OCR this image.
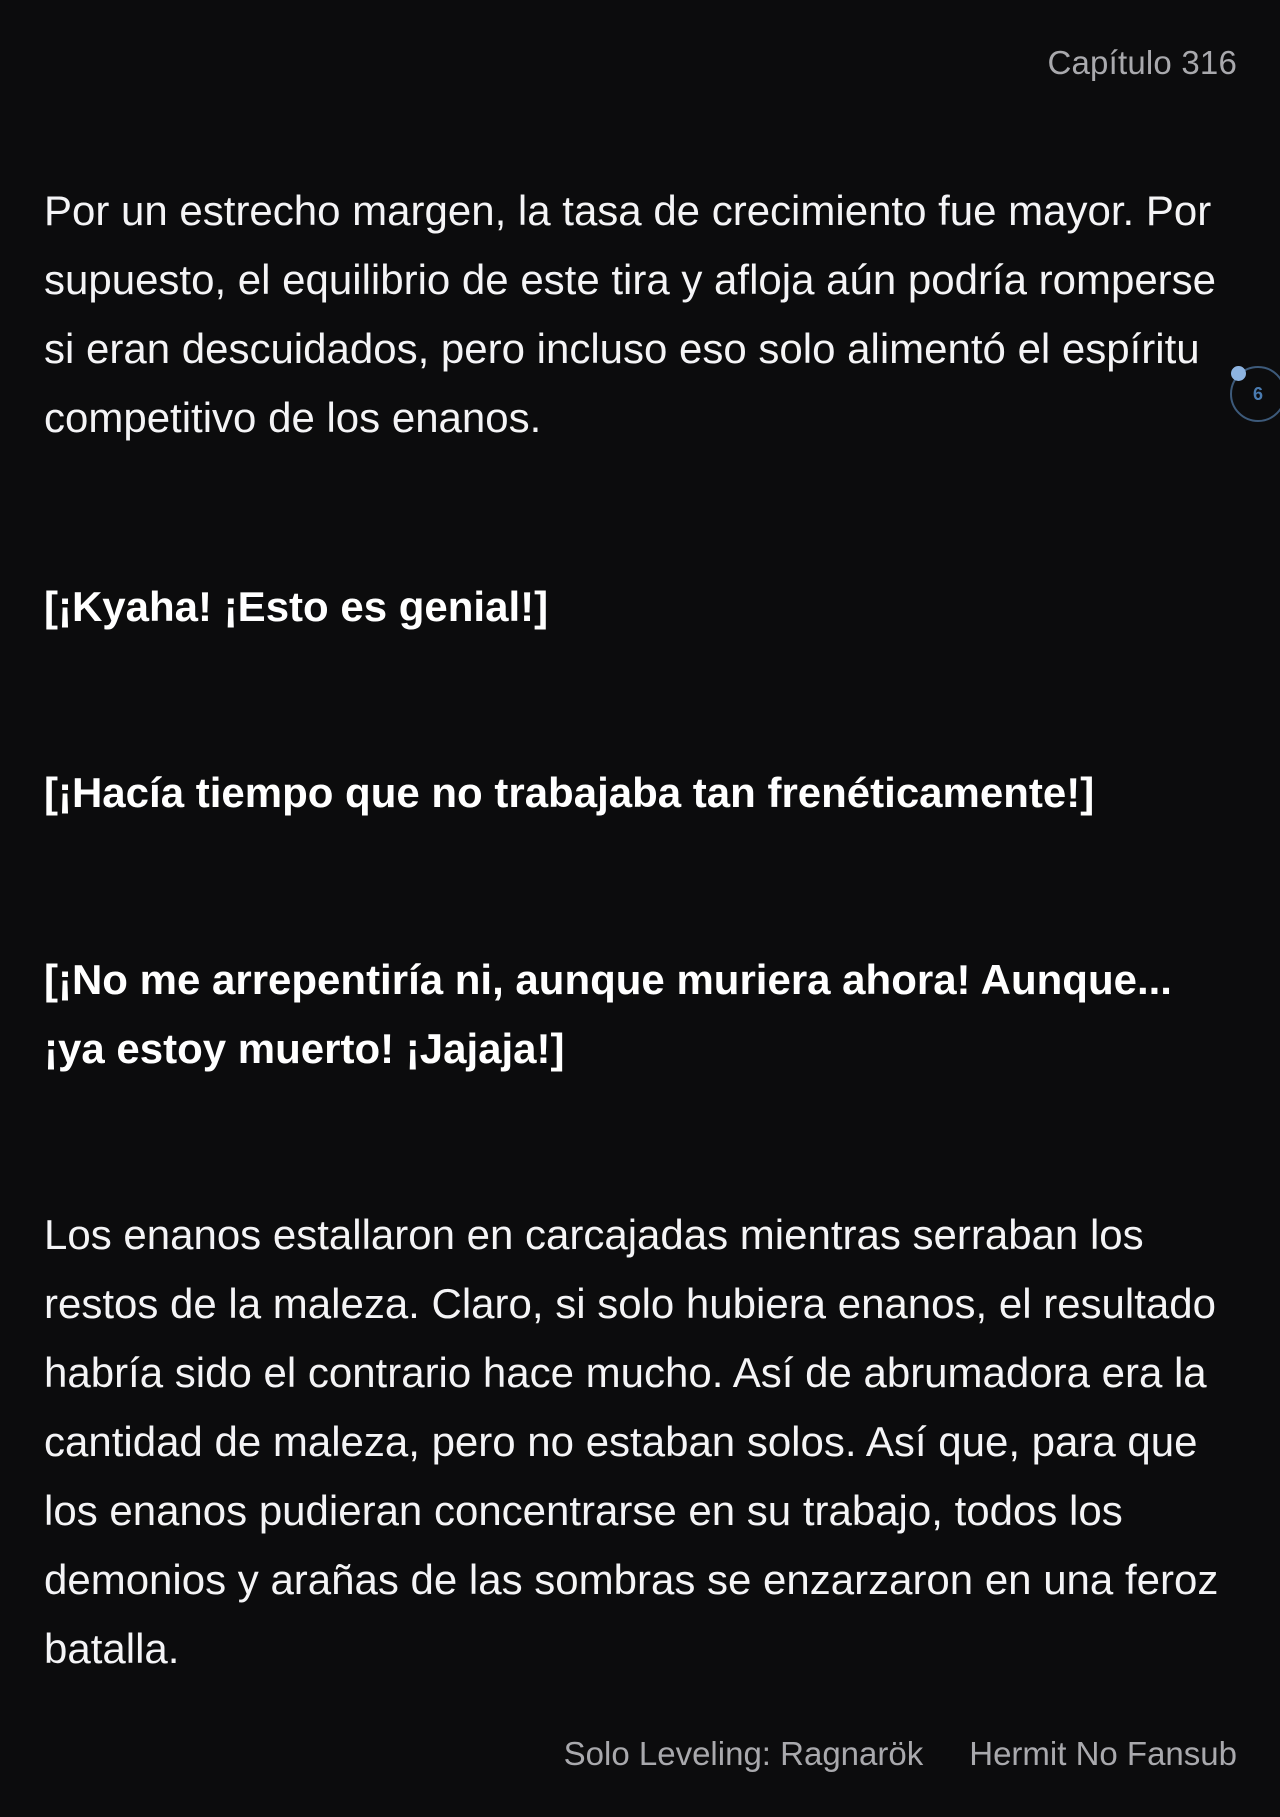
Capítulo 316

Por un estrecho margen, la tasa de crecimiento fue mayor. Por supuesto, el equilibrio de este tira y afloja aún podría romperse si eran descuidados, pero incluso eso solo alimentó el espíritu competitivo de los enanos.

[¡Kyaha! ¡Esto es genial!]

[¡Hacía tiempo que no trabajaba tan frenéticamente!]

[¡No me arrepentiría ni, aunque muriera ahora! Aunque... ¡ya estoy muerto! ¡Jajaja!]

Los enanos estallaron en carcajadas mientras serraban los restos de la maleza. Claro, si solo hubiera enanos, el resultado habría sido el contrario hace mucho. Así de abrumadora era la cantidad de maleza, pero no estaban solos. Así que, para que los enanos pudieran concentrarse en su trabajo, todos los demonios y arañas de las sombras se enzarzaron en una feroz batalla.

6
Solo Leveling: Ragnarök Hermit No Fansub
